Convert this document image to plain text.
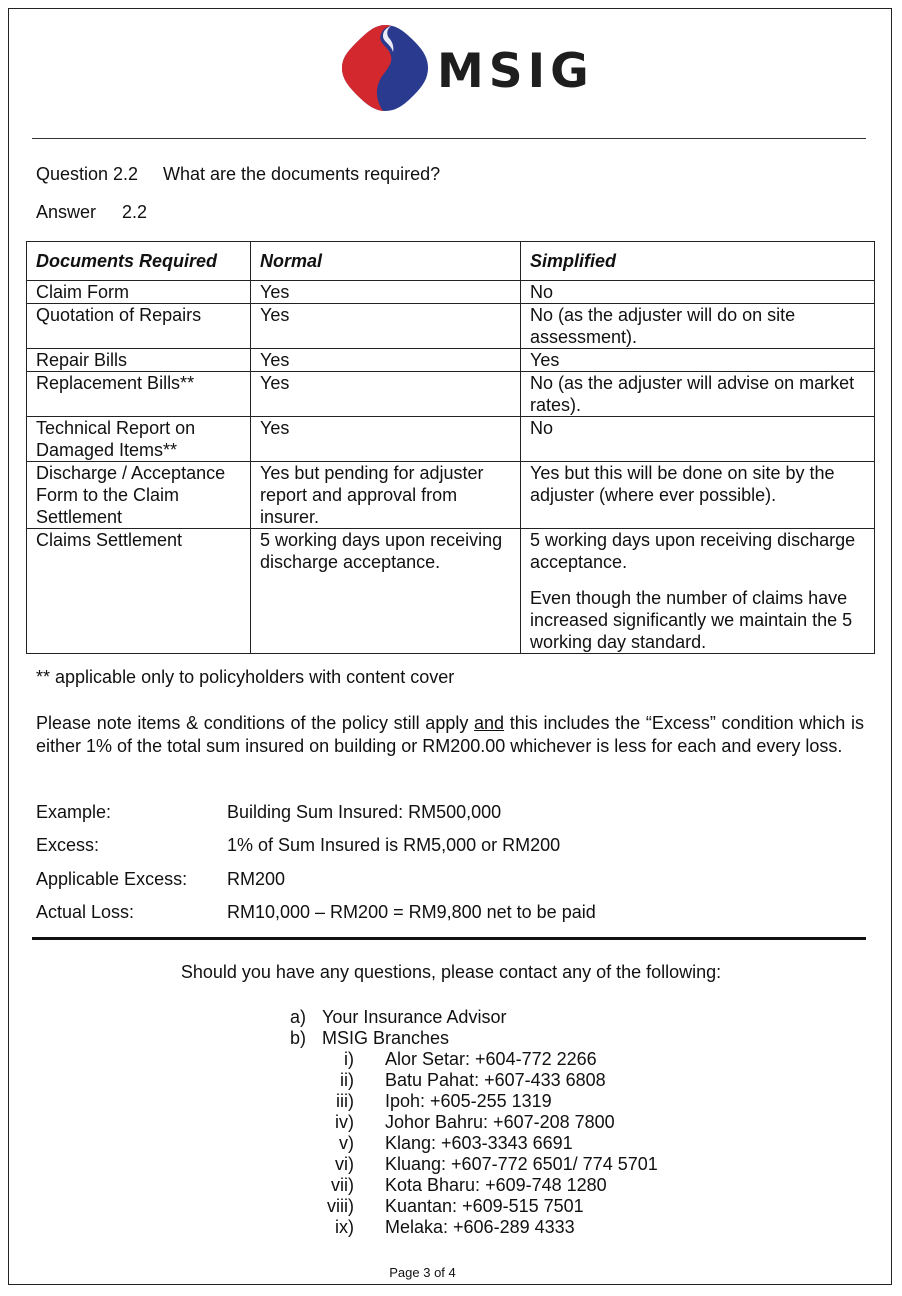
MSIG
Question 2.2 What are the documents required?
Answer 2.2
Documents Required	Normal	Simplified
Claim Form	Yes	No

Quotation of Repairs	Yes	No (as the adjuster will do on site assessment).

Repair Bills	Yes	Yes

Replacement Bills**	Yes	No (as the adjuster will advise on market rates).

Technical Report on Damaged Items**	Yes	No

Discharge / Acceptance Form to the Claim Settlement	Yes but pending for adjuster report and approval from insurer.	Yes but this will be done on site by the adjuster (where ever possible).

Claims Settlement	5 working days upon receiving discharge acceptance.	5 working days upon receiving discharge acceptance.

Even though the number of claims have increased significantly we maintain the 5 working day standard.

** applicable only to policyholders with content cover
Please note items & conditions of the policy still apply and this includes the “Excess” condition which is either 1% of the total sum insured on building or RM200.00 whichever is less for each and every loss.
Example:	Building Sum Insured: RM500,000
Excess:	1% of Sum Insured is RM5,000 or RM200
Applicable Excess: RM200
Actual Loss:	RM10,000 – RM200 = RM9,800 net to be paid
Should you have any questions, please contact any of the following:
a) Your Insurance Advisor
b) MSIG Branches
i) Alor Setar: +604-772 2266
ii) Batu Pahat: +607-433 6808
iii) Ipoh: +605-255 1319
iv) Johor Bahru: +607-208 7800
v) Klang: +603-3343 6691
vi) Kluang: +607-772 6501/ 774 5701
vii) Kota Bharu: +609-748 1280
viii) Kuantan: +609-515 7501
ix) Melaka: +606-289 4333
Page 3 of 4
